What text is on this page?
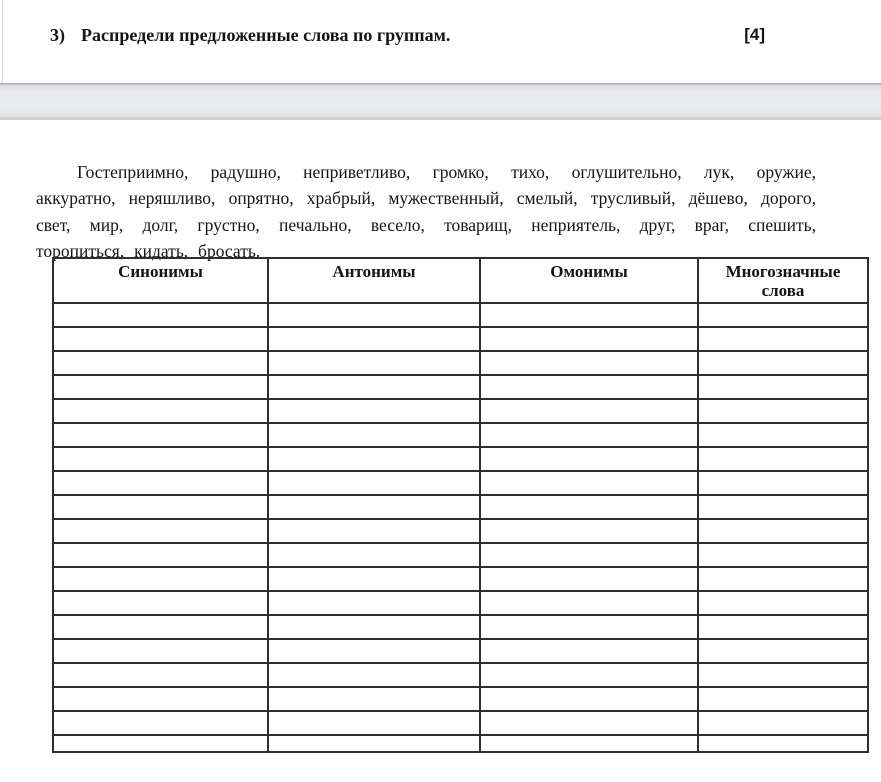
3) Распредели предложенные слова по группам.	[4]

Гостеприимно, радушно, неприветливо, громко, тихо, оглушительно, лук, оружие, аккуратно, неряшливо, опрятно, храбрый, мужественный, смелый, трусливый, дёшево, дорого, свет, мир, долг, грустно, печально, весело, товарищ, неприятель, друг, враг, спешить, торопиться, кидать, бросать.

Синонимы	Антонимы	Омонимы	Многозначные слова
